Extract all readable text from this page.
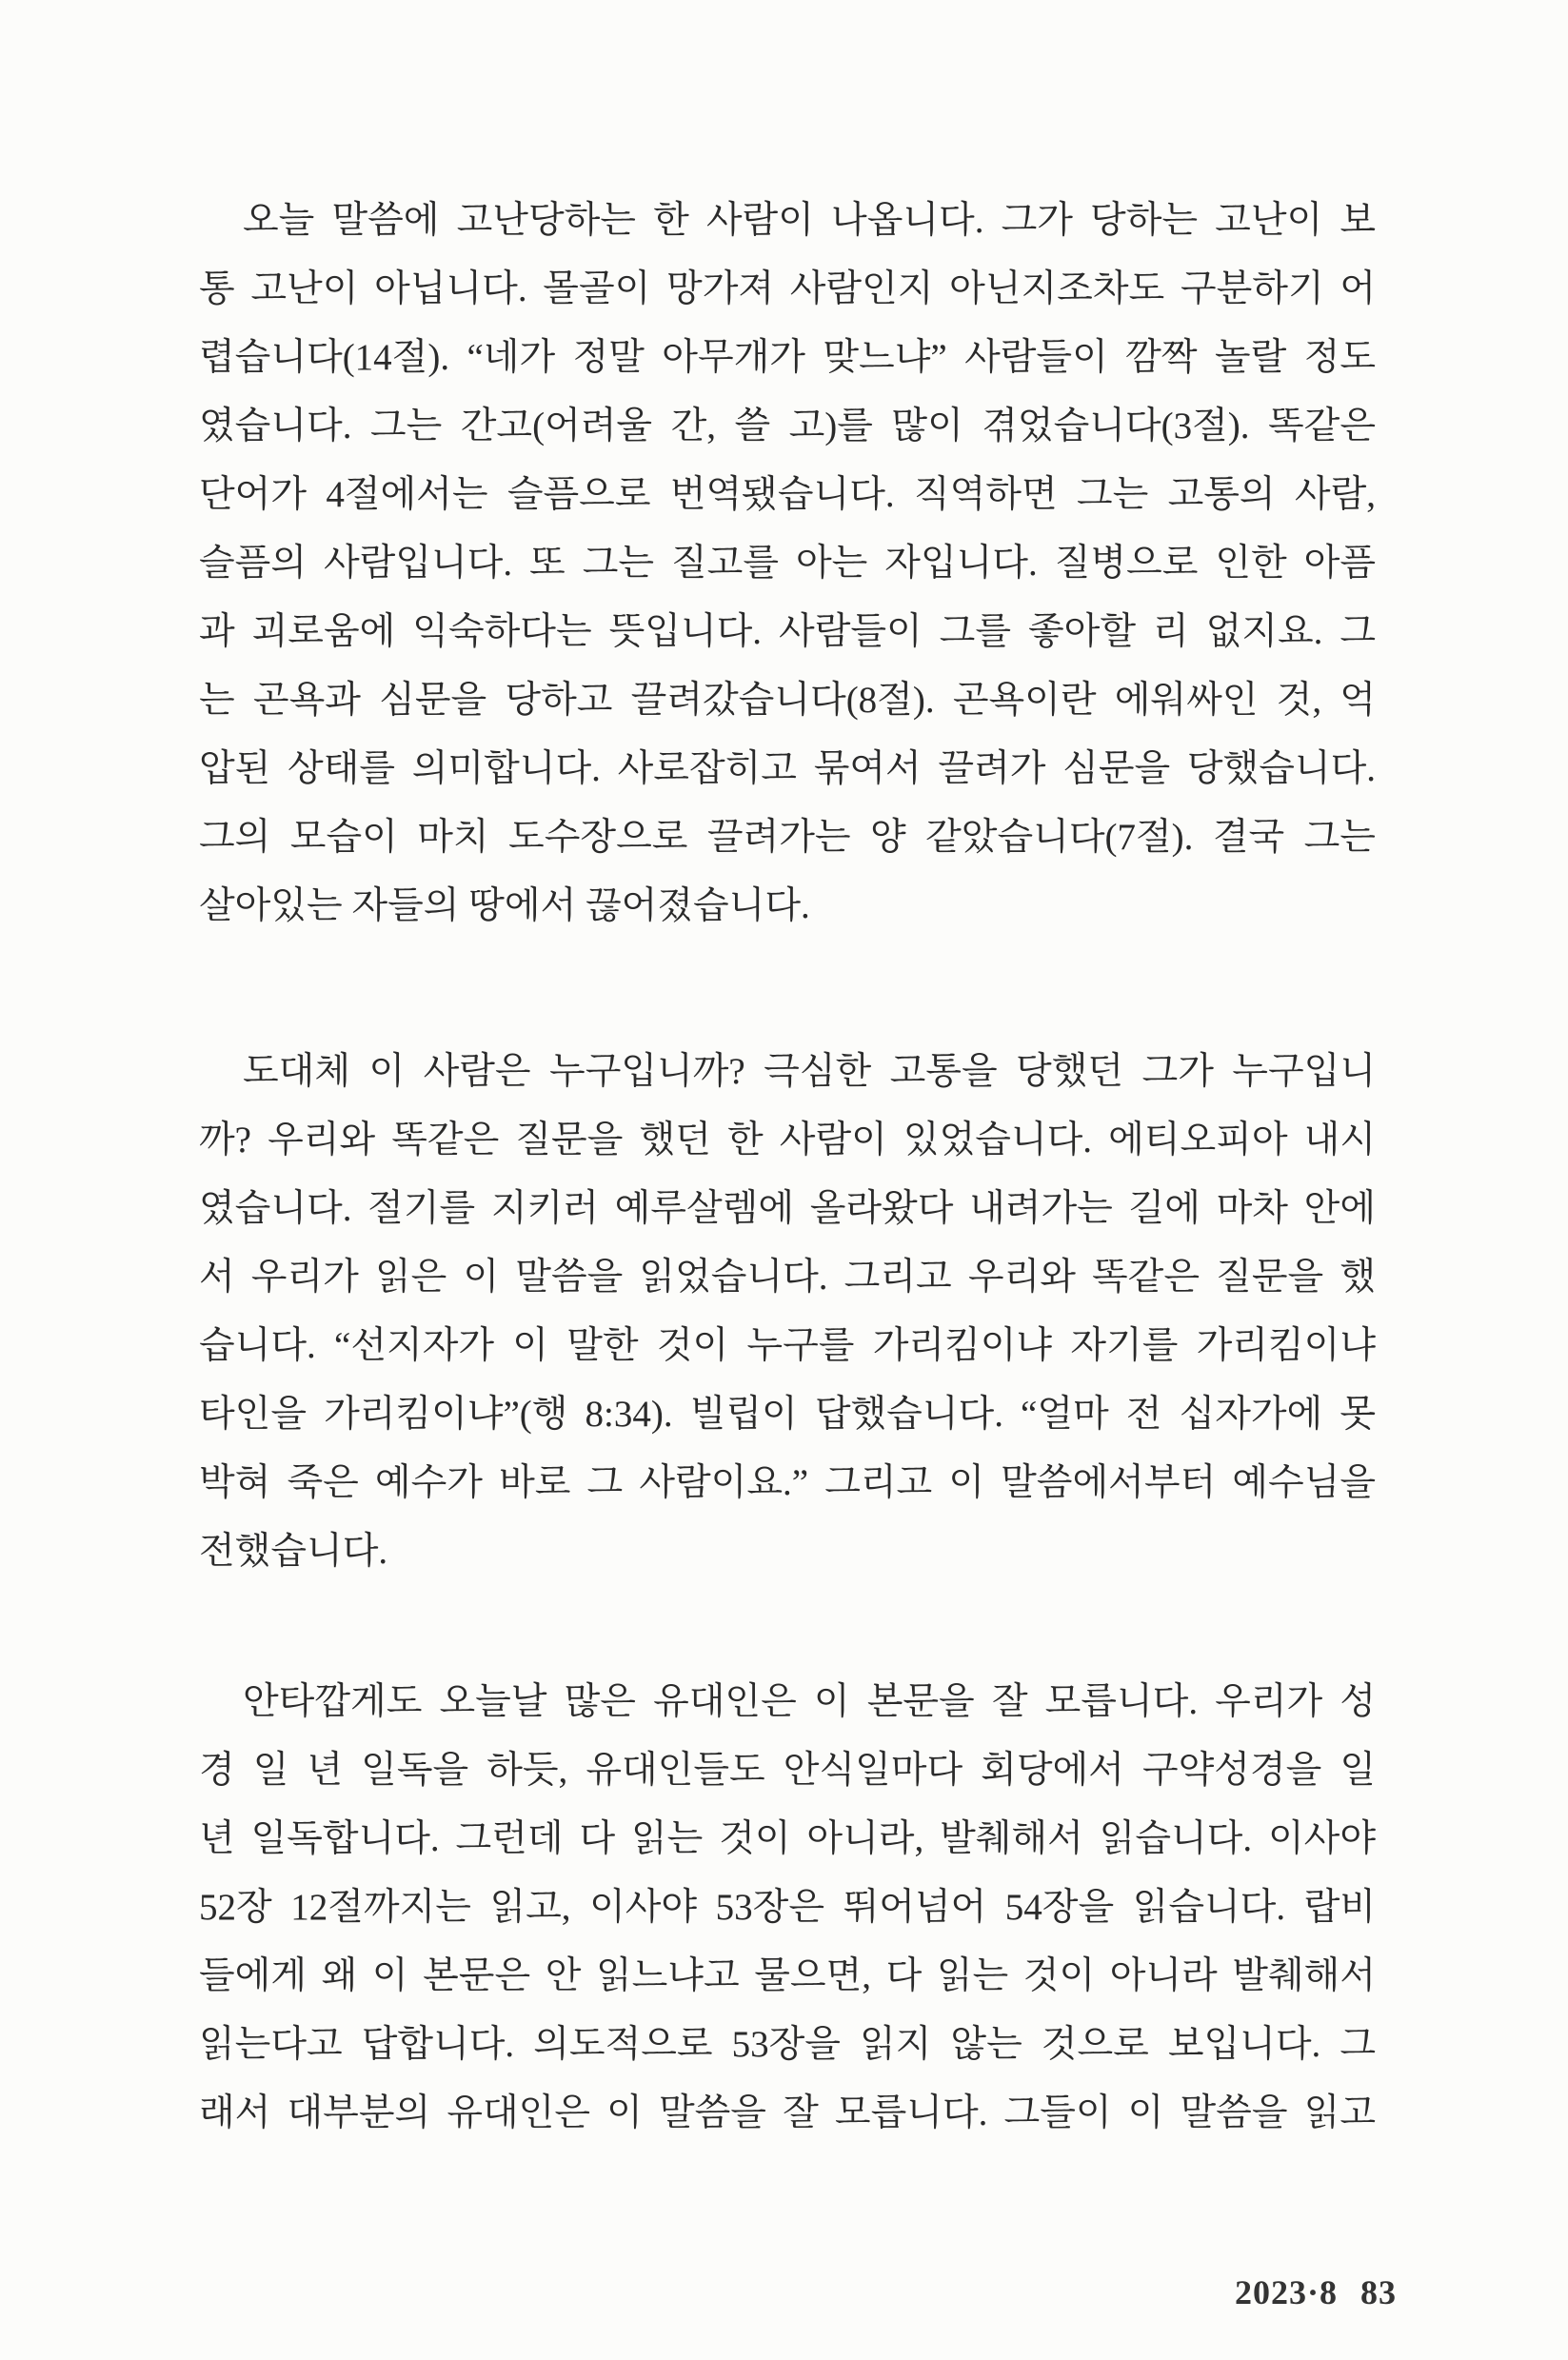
오늘 말씀에 고난당하는 한 사람이 나옵니다. 그가 당하는 고난이 보
통 고난이 아닙니다. 몰골이 망가져 사람인지 아닌지조차도 구분하기 어
렵습니다(14절). “네가 정말 아무개가 맞느냐” 사람들이 깜짝 놀랄 정도
였습니다. 그는 간고(어려울 간, 쓸 고)를 많이 겪었습니다(3절). 똑같은
단어가 4절에서는 슬픔으로 번역됐습니다. 직역하면 그는 고통의 사람,
슬픔의 사람입니다. 또 그는 질고를 아는 자입니다. 질병으로 인한 아픔
과 괴로움에 익숙하다는 뜻입니다. 사람들이 그를 좋아할 리 없지요. 그
는 곤욕과 심문을 당하고 끌려갔습니다(8절). 곤욕이란 에워싸인 것, 억
압된 상태를 의미합니다. 사로잡히고 묶여서 끌려가 심문을 당했습니다.
그의 모습이 마치 도수장으로 끌려가는 양 같았습니다(7절). 결국 그는
살아있는 자들의 땅에서 끊어졌습니다.
도대체 이 사람은 누구입니까? 극심한 고통을 당했던 그가 누구입니
까? 우리와 똑같은 질문을 했던 한 사람이 있었습니다. 에티오피아 내시
였습니다. 절기를 지키러 예루살렘에 올라왔다 내려가는 길에 마차 안에
서 우리가 읽은 이 말씀을 읽었습니다. 그리고 우리와 똑같은 질문을 했
습니다. “선지자가 이 말한 것이 누구를 가리킴이냐 자기를 가리킴이냐
타인을 가리킴이냐”(행 8:34). 빌립이 답했습니다. “얼마 전 십자가에 못
박혀 죽은 예수가 바로 그 사람이요.” 그리고 이 말씀에서부터 예수님을
전했습니다.
안타깝게도 오늘날 많은 유대인은 이 본문을 잘 모릅니다. 우리가 성
경 일 년 일독을 하듯, 유대인들도 안식일마다 회당에서 구약성경을 일
년 일독합니다. 그런데 다 읽는 것이 아니라, 발췌해서 읽습니다. 이사야
52장 12절까지는 읽고, 이사야 53장은 뛰어넘어 54장을 읽습니다. 랍비
들에게 왜 이 본문은 안 읽느냐고 물으면, 다 읽는 것이 아니라 발췌해서
읽는다고 답합니다. 의도적으로 53장을 읽지 않는 것으로 보입니다. 그
래서 대부분의 유대인은 이 말씀을 잘 모릅니다. 그들이 이 말씀을 읽고
2023·8 83
